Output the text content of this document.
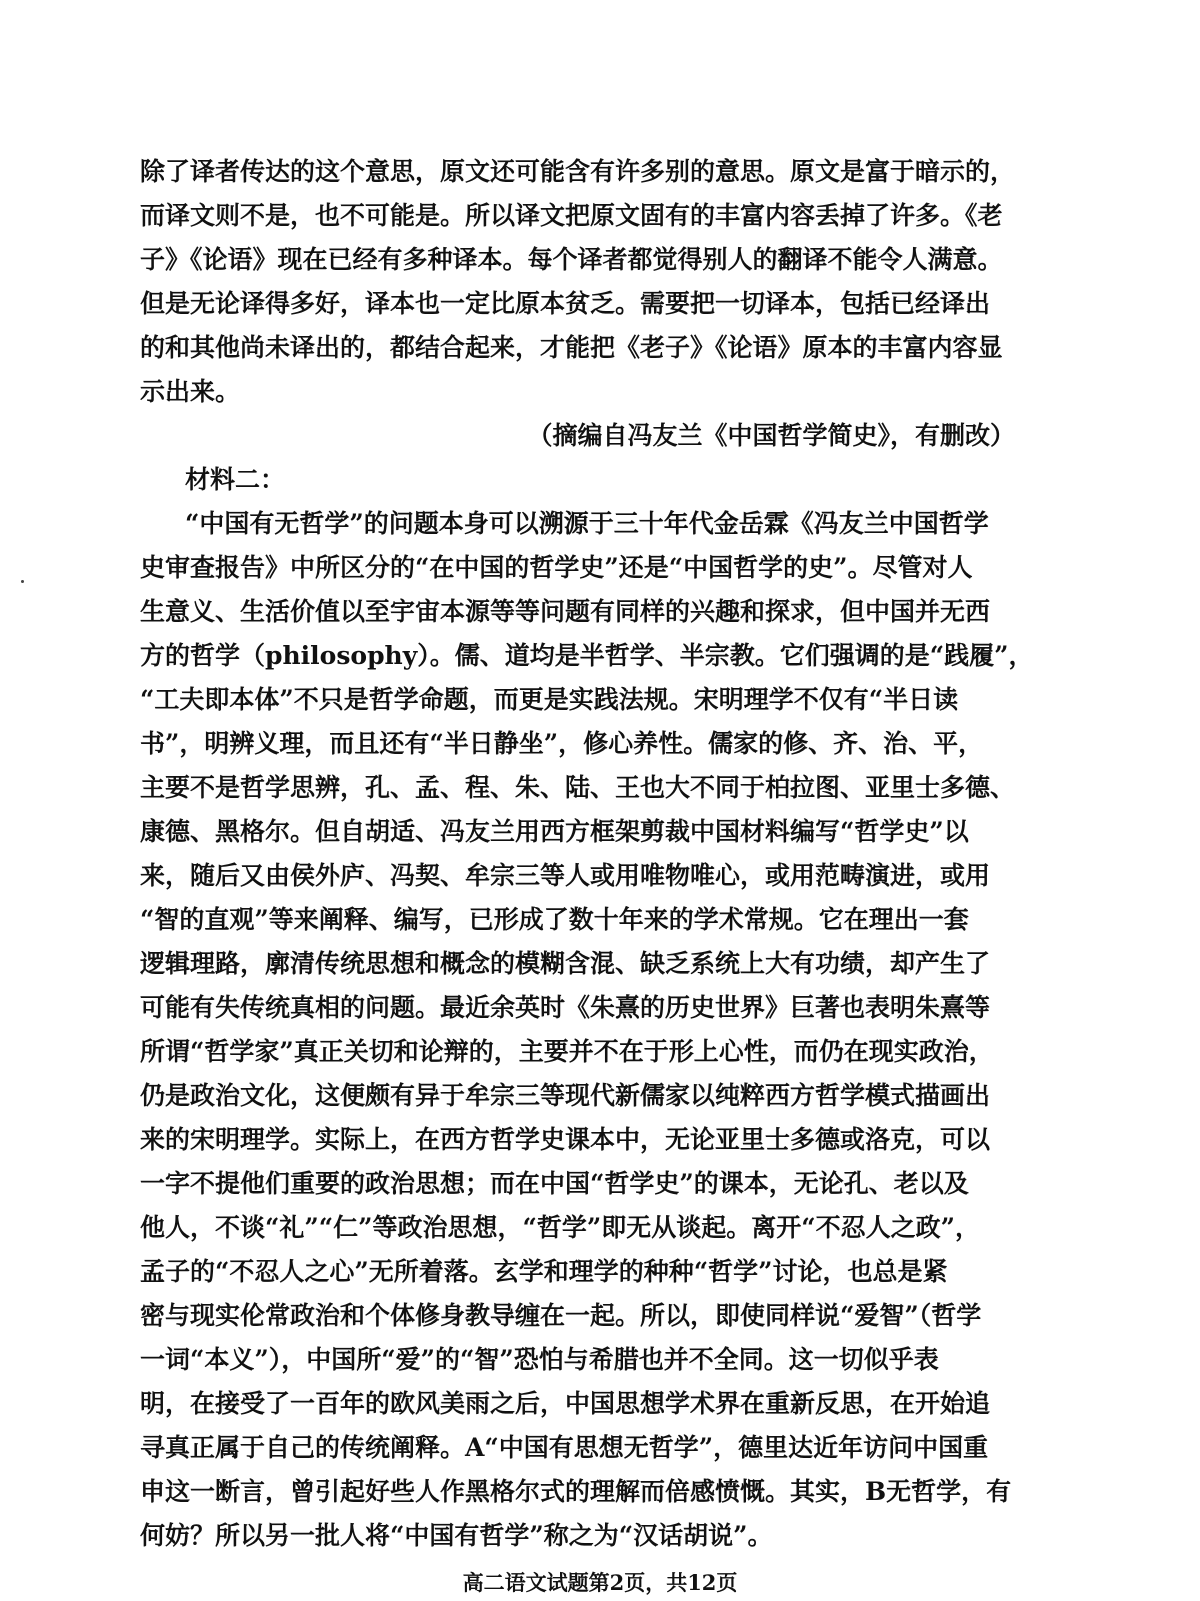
除了译者传达的这个意思，原文还可能含有许多别的意思。原文是富于暗示的，
而译文则不是，也不可能是。所以译文把原文固有的丰富内容丢掉了许多。《老
子》《论语》现在已经有多种译本。每个译者都觉得别人的翻译不能令人满意。
但是无论译得多好，译本也一定比原本贫乏。需要把一切译本，包括已经译出
的和其他尚未译出的，都结合起来，才能把《老子》《论语》原本的丰富内容显
示出来。
（摘编自冯友兰《中国哲学简史》，有删改）
材料二：
“中国有无哲学”的问题本身可以溯源于三十年代金岳霖《冯友兰中国哲学
史审查报告》中所区分的“在中国的哲学史”还是“中国哲学的史”。尽管对人
生意义、生活价值以至宇宙本源等等问题有同样的兴趣和探求，但中国并无西
方的哲学（philosophy）。儒、道均是半哲学、半宗教。它们强调的是“践履”，
“工夫即本体”不只是哲学命题，而更是实践法规。宋明理学不仅有“半日读
书”，明辨义理，而且还有“半日静坐”，修心养性。儒家的修、齐、治、平，
主要不是哲学思辨，孔、孟、程、朱、陆、王也大不同于柏拉图、亚里士多德、
康德、黑格尔。但自胡适、冯友兰用西方框架剪裁中国材料编写“哲学史”以
来，随后又由侯外庐、冯契、牟宗三等人或用唯物唯心，或用范畴演进，或用
“智的直观”等来阐释、编写，已形成了数十年来的学术常规。它在理出一套
逻辑理路，廓清传统思想和概念的模糊含混、缺乏系统上大有功绩，却产生了
可能有失传统真相的问题。最近余英时《朱熹的历史世界》巨著也表明朱熹等
所谓“哲学家”真正关切和论辩的，主要并不在于形上心性，而仍在现实政治，
仍是政治文化，这便颇有异于牟宗三等现代新儒家以纯粹西方哲学模式描画出
来的宋明理学。实际上，在西方哲学史课本中，无论亚里士多德或洛克，可以
一字不提他们重要的政治思想；而在中国“哲学史”的课本，无论孔、老以及
他人，不谈“礼”“仁”等政治思想，“哲学”即无从谈起。离开“不忍人之政”，
孟子的“不忍人之心”无所着落。玄学和理学的种种“哲学”讨论，也总是紧
密与现实伦常政治和个体修身教导缠在一起。所以，即使同样说“爱智”（哲学
一词“本义”），中国所“爱”的“智”恐怕与希腊也并不全同。这一切似乎表
明，在接受了一百年的欧风美雨之后，中国思想学术界在重新反思，在开始追
寻真正属于自己的传统阐释。A“中国有思想无哲学”，德里达近年访问中国重
申这一断言，曾引起好些人作黑格尔式的理解而倍感愤慨。其实，B无哲学，有
何妨？所以另一批人将“中国有哲学”称之为“汉话胡说”。
高二语文试题第2页，共12页
